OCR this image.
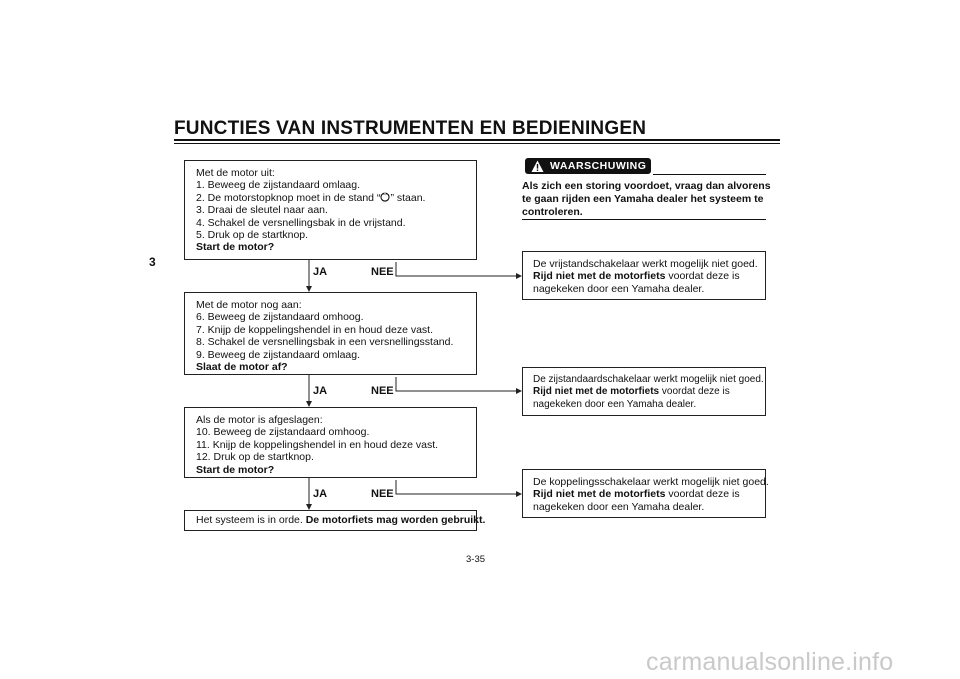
FUNCTIES VAN INSTRUMENTEN EN BEDIENINGEN
3
Met de motor uit:
1. Beweeg de zijstandaard omlaag.
2. De motorstopknop moet in de stand “ ” staan.
3. Draai de sleutel naar aan.
4. Schakel de versnellingsbak in de vrijstand.
5. Druk op de startknop.
Start de motor?
Met de motor nog aan:
6. Beweeg de zijstandaard omhoog.
7. Knijp de koppelingshendel in en houd deze vast.
8. Schakel de versnellingsbak in een versnellingsstand.
9. Beweeg de zijstandaard omlaag.
Slaat de motor af?
Als de motor is afgeslagen:
10. Beweeg de zijstandaard omhoog.
11. Knijp de koppelingshendel in en houd deze vast.
12. Druk op de startknop.
Start de motor?
Het systeem is in orde. De motorfiets mag worden gebruikt.
JA	NEE
JA	NEE
JA	NEE
WAARSCHUWING
Als zich een storing voordoet, vraag dan alvorens
te gaan rijden een Yamaha dealer het systeem te
controleren.
De vrijstandschakelaar werkt mogelijk niet goed.
Rijd niet met de motorfiets voordat deze is
nagekeken door een Yamaha dealer.
De zijstandaardschakelaar werkt mogelijk niet goed.
Rijd niet met de motorfiets voordat deze is
nagekeken door een Yamaha dealer.
De koppelingsschakelaar werkt mogelijk niet goed.
Rijd niet met de motorfiets voordat deze is
nagekeken door een Yamaha dealer.
3-35
carmanualsonline.info
